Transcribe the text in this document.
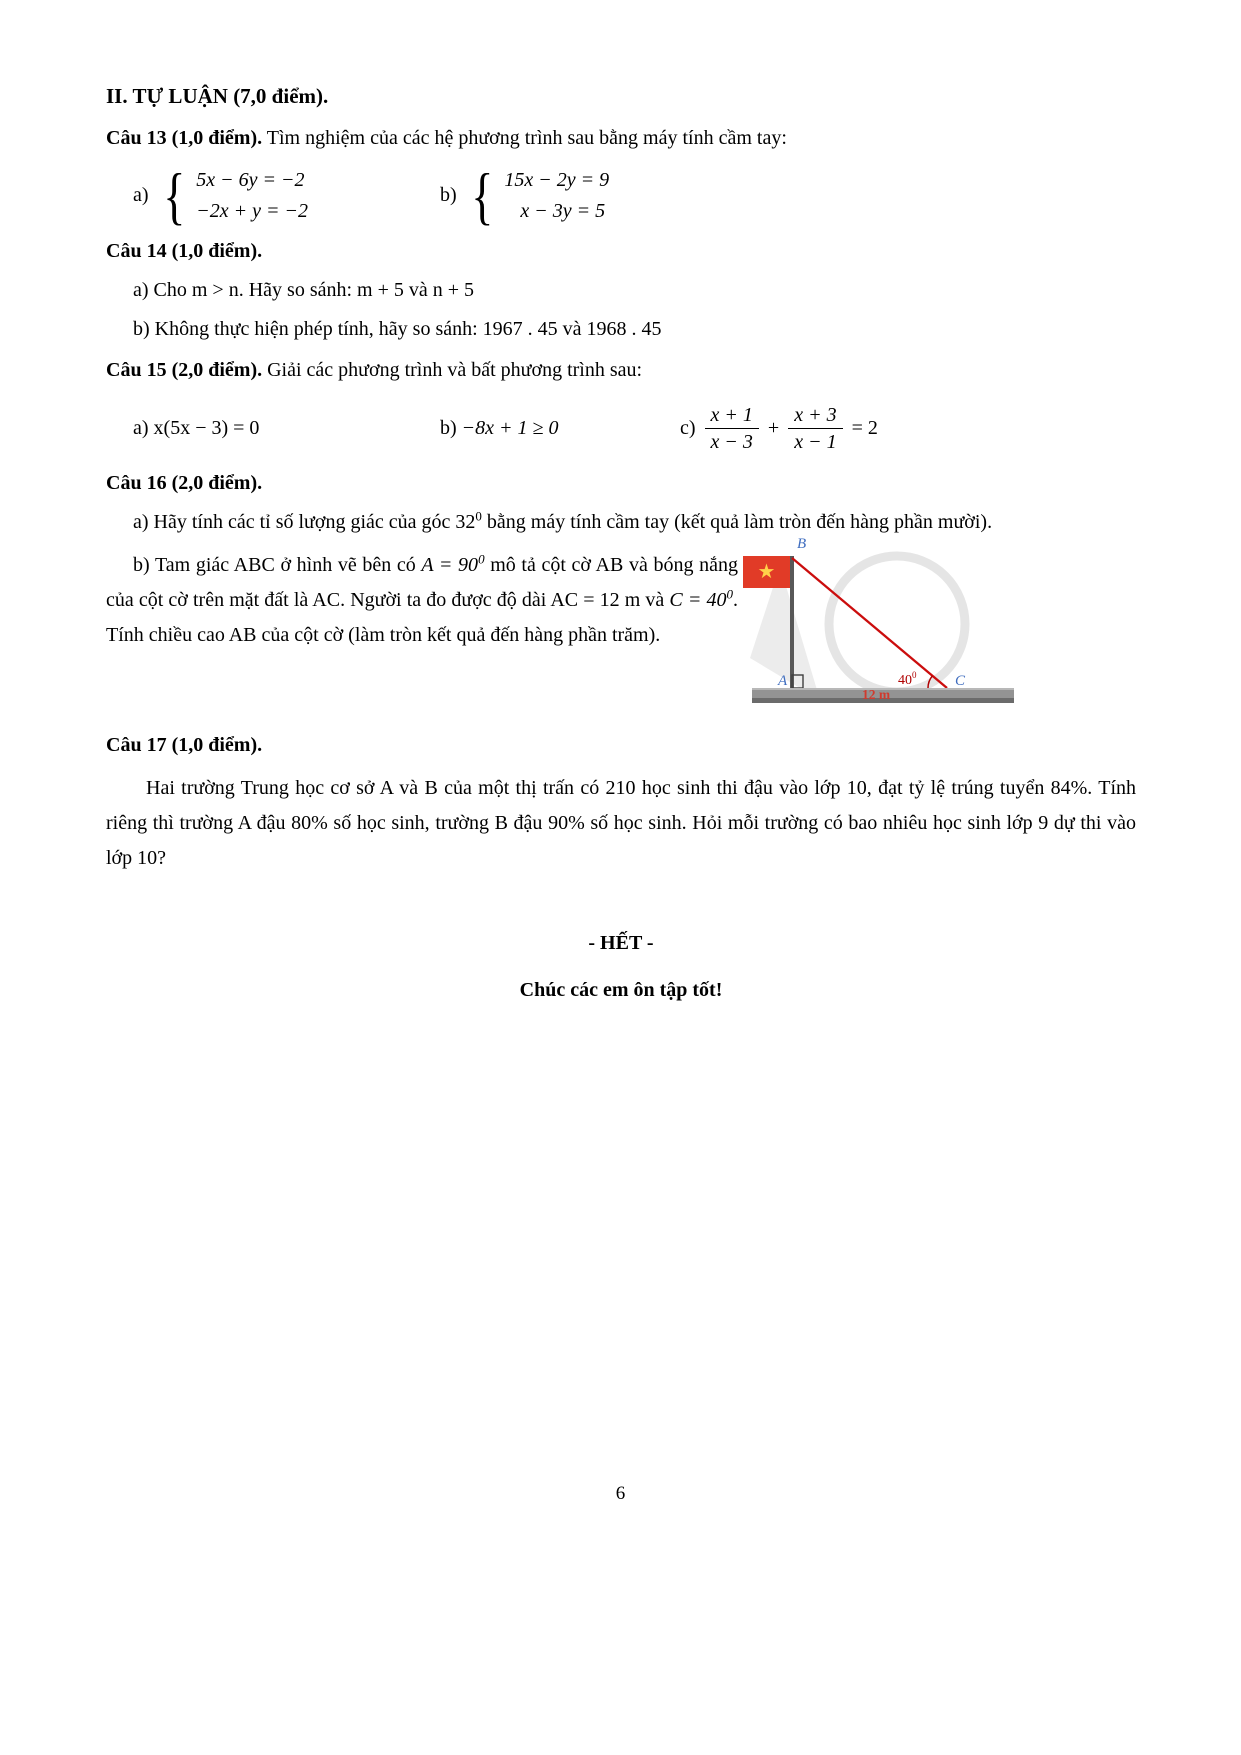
II. TỰ LUẬN (7,0 điểm).

Câu 13 (1,0 điểm). Tìm nghiệm của các hệ phương trình sau bằng máy tính cầm tay:

a) { 5x − 6y = −2
−2x + y = −2
b) { 15x − 2y = 9
x − 3y = 5

Câu 14 (1,0 điểm).

a) Cho m > n. Hãy so sánh: m + 5 và n + 5

b) Không thực hiện phép tính, hãy so sánh: 1967 . 45 và 1968 . 45

Câu 15 (2,0 điểm). Giải các phương trình và bất phương trình sau:

a) x(5x − 3) = 0	b) −8x + 1 ≥ 0	$c) \frac{x + 1}{x - 3} + \frac{x + 3}{x - 1} = 2$

Câu 16 (2,0 điểm).

a) Hãy tính các tỉ số lượng giác của góc $32^0$ bằng máy tính cầm tay (kết quả làm tròn đến hàng phần mười).

★
B
A	C
$40^0$
12 m

b) Tam giác ABC ở hình vẽ bên có $A = 90^0$ mô tả cột cờ AB và bóng nắng của cột cờ trên mặt đất là AC. Người ta đo được độ dài AC = 12 m và $C = 40^0$. Tính chiều cao AB của cột cờ (làm tròn kết quả đến hàng phần trăm).

Câu 17 (1,0 điểm).

Hai trường Trung học cơ sở A và B của một thị trấn có 210 học sinh thi đậu vào lớp 10, đạt tỷ lệ trúng tuyển 84%. Tính riêng thì trường A đậu 80% số học sinh, trường B đậu 90% số học sinh. Hỏi mỗi trường có bao nhiêu học sinh lớp 9 dự thi vào lớp 10?

- HẾT -

Chúc các em ôn tập tốt!

6
